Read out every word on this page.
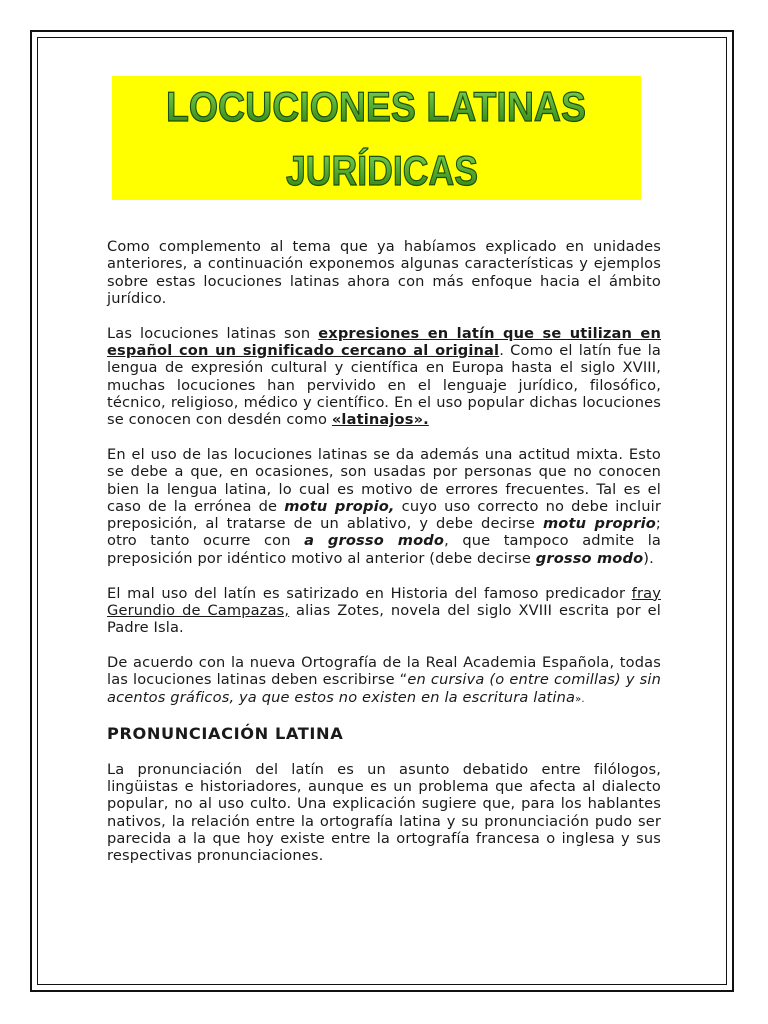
LOCUCIONES LATINAS
JURÍDICAS

Como complemento al tema que ya habíamos explicado en unidades anteriores, a continuación exponemos algunas características y ejemplos sobre estas locuciones latinas ahora con más enfoque hacia el ámbito jurídico.

Las locuciones latinas son expresiones en latín que se utilizan en español con un significado cercano al original. Como el latín fue la lengua de expresión cultural y científica en Europa hasta el siglo XVIII, muchas locuciones han pervivido en el lenguaje jurídico, filosófico, técnico, religioso, médico y científico. En el uso popular dichas locuciones se conocen con desdén como «latinajos».

En el uso de las locuciones latinas se da además una actitud mixta. Esto se debe a que, en ocasiones, son usadas por personas que no conocen bien la lengua latina, lo cual es motivo de errores frecuentes. Tal es el caso de la errónea de motu propio, cuyo uso correcto no debe incluir preposición, al tratarse de un ablativo, y debe decirse motu proprio; otro tanto ocurre con a grosso modo, que tampoco admite la preposición por idéntico motivo al anterior (debe decirse grosso modo).

El mal uso del latín es satirizado en Historia del famoso predicador fray Gerundio de Campazas, alias Zotes, novela del siglo XVIII escrita por el Padre Isla.

De acuerdo con la nueva Ortografía de la Real Academia Española, todas las locuciones latinas deben escribirse “en cursiva (o entre comillas) y sin acentos gráficos, ya que estos no existen en la escritura latina».

PRONUNCIACIÓN LATINA

La pronunciación del latín es un asunto debatido entre filólogos, lingüistas e historiadores, aunque es un problema que afecta al dialecto popular, no al uso culto. Una explicación sugiere que, para los hablantes nativos, la relación entre la ortografía latina y su pronunciación pudo ser parecida a la que hoy existe entre la ortografía francesa o inglesa y sus respectivas pronunciaciones.
